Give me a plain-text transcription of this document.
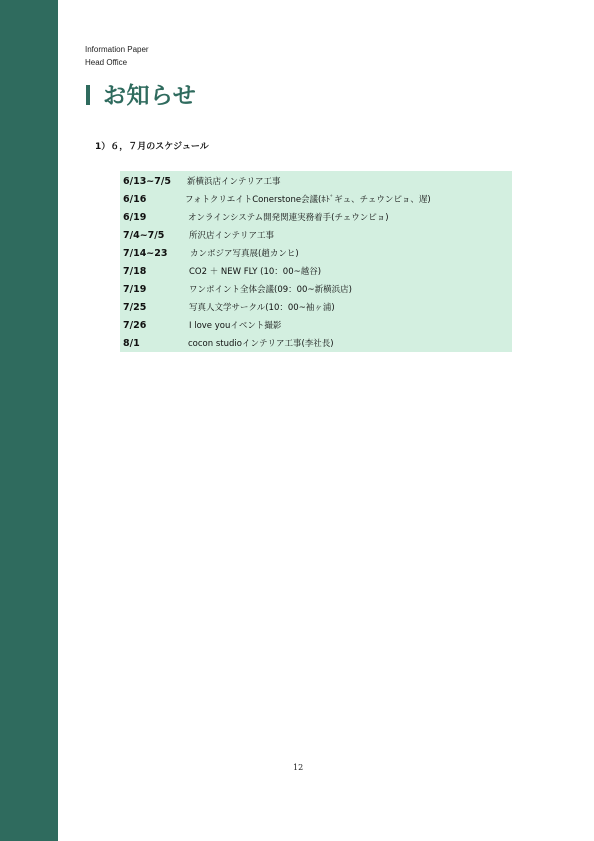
Information Paper
Head Office
お知らせ
1）６，７月のスケジュール
6/13~7/5 新横浜店インテリア工事
6/16	フォトクリエイトConerstone会議(ﾎﾄﾞギュ、チェウンピョ、遅)
6/19	オンラインシステム開発関連実務着手(チェウンピョ)
7/4~7/5	所沢店インテリア工事
7/14~23	カンボジア写真展(趙カンヒ)
7/18	CO2 ＋ NEW FLY (10：00~越谷)
7/19	ワンポイント全体会議(09：00~新横浜店)
7/25	写真人文学サークル(10：00~袖ヶ浦)
7/26	I love youイベント撮影
8/1	cocon studioインテリア工事(李社長)
12
